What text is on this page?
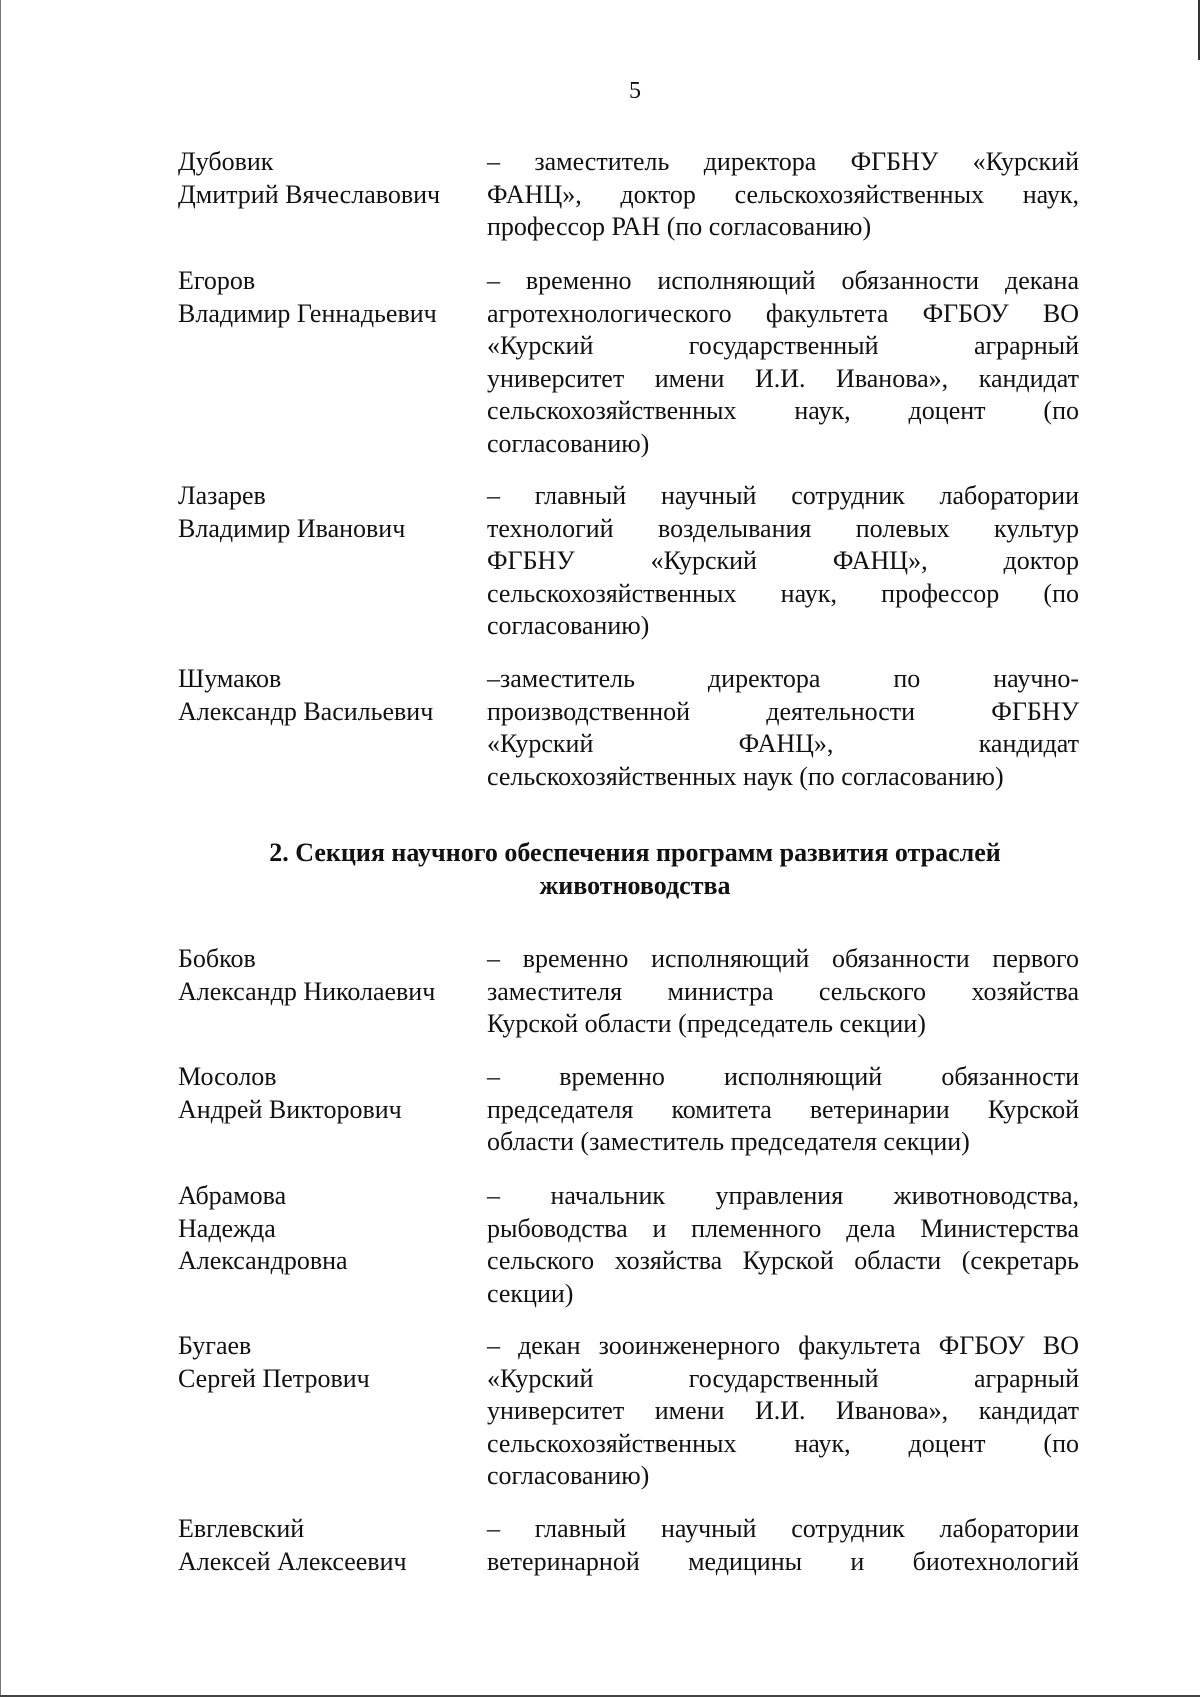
5
Дубовик
Дмитрий Вячеславович
– заместитель директора ФГБНУ «Курский
ФАНЦ», доктор сельскохозяйственных наук,
профессор РАН (по согласованию)
Егоров
Владимир Геннадьевич
– временно исполняющий обязанности декана
агротехнологического факультета ФГБОУ ВО
«Курский государственный аграрный
университет имени И.И. Иванова», кандидат
сельскохозяйственных наук, доцент (по
согласованию)
Лазарев
Владимир Иванович
– главный научный сотрудник лаборатории
технологий возделывания полевых культур
ФГБНУ «Курский ФАНЦ», доктор
сельскохозяйственных наук, профессор (по
согласованию)
Шумаков
Александр Васильевич
–заместитель директора по научно-
производственной деятельности ФГБНУ
«Курский ФАНЦ», кандидат
сельскохозяйственных наук (по согласованию)
2. Секция научного обеспечения программ развития отраслей
животноводства
Бобков
Александр Николаевич
– временно исполняющий обязанности первого
заместителя министра сельского хозяйства
Курской области (председатель секции)
Мосолов
Андрей Викторович
– временно исполняющий обязанности
председателя комитета ветеринарии Курской
области (заместитель председателя секции)
Абрамова
Надежда
Александровна
– начальник управления животноводства,
рыбоводства и племенного дела Министерства
сельского хозяйства Курской области (секретарь
секции)
Бугаев
Сергей Петрович
– декан зооинженерного факультета ФГБОУ ВО
«Курский государственный аграрный
университет имени И.И. Иванова», кандидат
сельскохозяйственных наук, доцент (по
согласованию)
Евглевский
Алексей Алексеевич
– главный научный сотрудник лаборатории
ветеринарной медицины и биотехнологий
